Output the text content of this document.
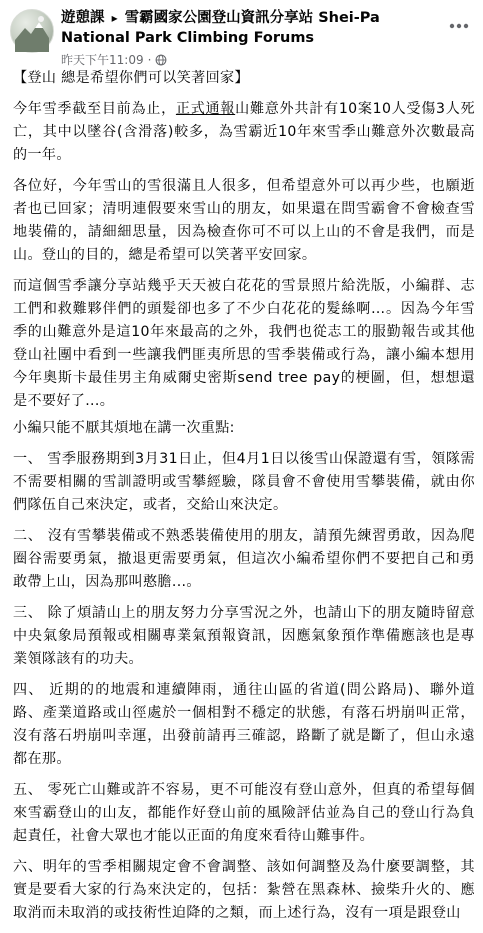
遊憩課 ▸ 雪霸國家公園登山資訊分享站 Shei-Pa National Park Climbing Forums
昨天下午11:09 ·

【登山 總是希望你們可以笑著回家】

今年雪季截至目前為止，正式通報山難意外共計有10案10人受傷3人死亡，其中以墜谷(含滑落)較多，為雪霸近10年來雪季山難意外次數最高的一年。

各位好，今年雪山的雪很滿且人很多，但希望意外可以再少些，也願逝者也已回家；清明連假要來雪山的朋友，如果還在問雪霸會不會檢查雪地裝備的，請細細思量，因為檢查你可不可以上山的不會是我們，而是山。登山的目的，總是希望可以笑著平安回家。

而這個雪季讓分享站幾乎天天被白花花的雪景照片給洗版，小編群、志工們和救難夥伴們的頭髮卻也多了不少白花花的髮絲啊…。因為今年雪季的山難意外是這10年來最高的之外，我們也從志工的服勤報告或其他登山社團中看到一些讓我們匪夷所思的雪季裝備或行為，讓小編本想用今年奧斯卡最佳男主角威爾史密斯send tree pay的梗圖，但，想想還是不要好了...。

小編只能不厭其煩地在講一次重點:

一、 雪季服務期到3月31日止，但4月1日以後雪山保證還有雪，領隊需不需要相關的雪訓證明或雪攀經驗，隊員會不會使用雪攀裝備，就由你們隊伍自己來決定，或者，交給山來決定。

二、 沒有雪攀裝備或不熟悉裝備使用的朋友，請預先練習勇敢，因為爬圈谷需要勇氣，撤退更需要勇氣，但這次小編希望你們不要把自己和勇敢帶上山，因為那叫憨膽...。

三、 除了煩請山上的朋友努力分享雪況之外，也請山下的朋友隨時留意中央氣象局預報或相關專業氣預報資訊，因應氣象預作準備應該也是專業領隊該有的功夫。

四、 近期的的地震和連續陣雨，通往山區的省道(問公路局)、聯外道路、產業道路或山徑處於一個相對不穩定的狀態，有落石坍崩叫正常，沒有落石坍崩叫幸運，出發前請再三確認，路斷了就是斷了，但山永遠都在那。

五、 零死亡山難或許不容易，更不可能沒有登山意外，但真的希望每個來雪霸登山的山友，都能作好登山前的風險評估並為自己的登山行為負起責任，社會大眾也才能以正面的角度來看待山難事件。

六、明年的雪季相關規定會不會調整、該如何調整及為什麼要調整，其實是要看大家的行為來決定的，包括：紮營在黑森林、撿柴升火的、應取消而未取消的或技術性迫降的之類，而上述行為，沒有一項是跟登山
